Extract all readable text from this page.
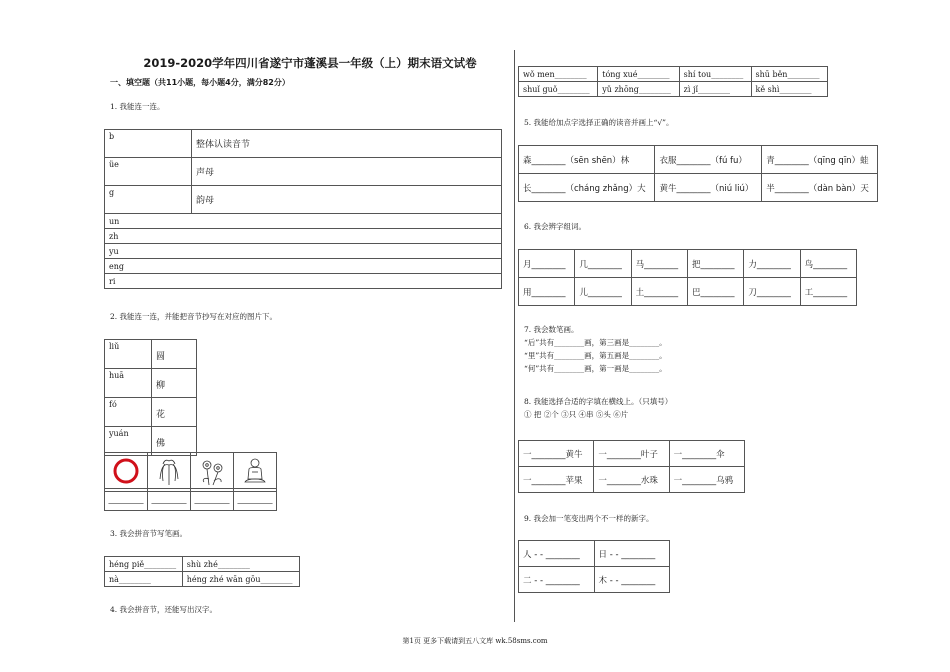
2019-2020学年四川省遂宁市蓬溪县一年级（上）期末语文试卷
一、填空题（共11小题，每小题4分，满分82分）
1. 我能连一连。
b	整体认读音节
üe	声母
g	韵母
un	
zh	
yu	
eng	
ri	
2. 我能连一连，并能把音节抄写在对应的图片下。
liǔ	圆
huā	柳
fó	花
yuán	佛

__________	__________	__________	__________
3. 我会拼音节写笔画。
héng piě________	shù zhé________
nà________	héng zhé wān gōu________
4. 我会拼音节，还能写出汉字。
wǒ men________	tóng xué________	shí tou________	shū běn________
shuǐ guǒ________	yǔ zhōng________	zì jǐ________	kě shì________
5. 我能给加点字选择正确的读音并画上“√”。
森________（sēn shēn）林	衣服________（fú fu）	青________（qīng qīn）蛙
长________（cháng zhǎng）大	黄牛________（niú liú）	半________（dàn bàn）天
6. 我会辨字组词。
月________	几________	马________	把________	力________	鸟________
用________	儿________	土________	巴________	刀________	工________
7. 我会数笔画。
“后”共有________画，第三画是________。
“里”共有________画，第五画是________。
“何”共有________画，第一画是________。
8. 我能选择合适的字填在横线上。（只填号）
① 把 ②个 ③只 ④串 ⑤头 ⑥片
一________黄牛	一________叶子	一________伞
一________苹果	一________水珠	一________乌鸦
9. 我会加一笔变出两个不一样的新字。
人 - - ________	日 - - ________
二 - - ________	木 - - ________
第1页 更多下载请到五八文库 wk.58sms.com
